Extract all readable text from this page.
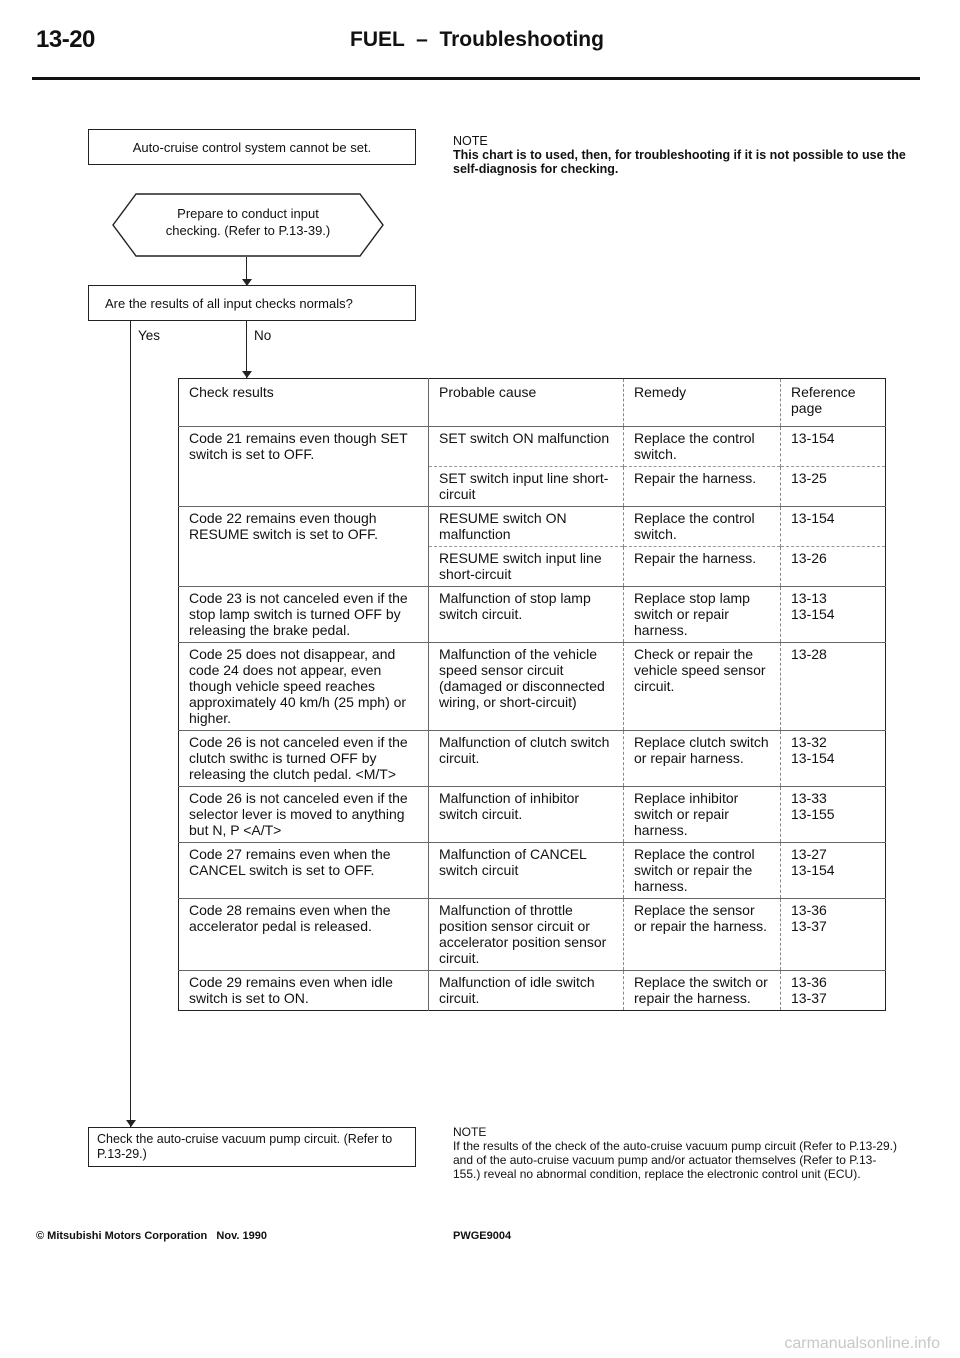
13-20	FUEL  –  Troubleshooting
Auto-cruise control system cannot be set.	NOTE
This chart is to used, then, for troubleshooting if it is not possible to use the self-diagnosis for checking.
Prepare to conduct input
checking. (Refer to P.13-39.)
Are the results of all input checks normals?
Yes	No
Check results	Probable cause	Remedy	Reference page
Code 21 remains even though SET switch is set to OFF.	SET switch ON malfunction	Replace the control switch.	13-154
	SET switch input line short-circuit	Repair the harness.	13-25
Code 22 remains even though RESUME switch is set to OFF.	RESUME switch ON malfunction	Replace the control switch.	13-154
	RESUME switch input line short-circuit	Repair the harness.	13-26
Code 23 is not canceled even if the stop lamp switch is turned OFF by releasing the brake pedal.	Malfunction of stop lamp switch circuit.	Replace stop lamp switch or repair harness.	13-13
13-154
Code 25 does not disappear, and code 24 does not appear, even though vehicle speed reaches approximately 40 km/h (25 mph) or higher.	Malfunction of the vehicle speed sensor circuit (damaged or disconnected wiring, or short-circuit)	Check or repair the vehicle speed sensor circuit.	13-28
Code 26 is not canceled even if the clutch swithc is turned OFF by releasing the clutch pedal. <M/T>	Malfunction of clutch switch circuit.	Replace clutch switch or repair harness.	13-32
13-154
Code 26 is not canceled even if the selector lever is moved to anything but N, P <A/T>	Malfunction of inhibitor switch circuit.	Replace inhibitor switch or repair harness.	13-33
13-155
Code 27 remains even when the CANCEL switch is set to OFF.	Malfunction of CANCEL switch circuit	Replace the control switch or repair the harness.	13-27
13-154
Code 28 remains even when the accelerator pedal is released.	Malfunction of throttle position sensor circuit or accelerator position sensor circuit.	Replace the sensor or repair the harness.	13-36
13-37
Code 29 remains even when idle switch is set to ON.	Malfunction of idle switch circuit.	Replace the switch or repair the harness.	13-36
13-37
Check the auto-cruise vacuum pump circuit. (Refer to P.13-29.)
NOTE
If the results of the check of the auto-cruise vacuum pump circuit (Refer to P.13-29.) and of the auto-cruise vacuum pump and/or actuator themselves (Refer to P.13-155.) reveal no abnormal condition, replace the electronic control unit (ECU).
© Mitsubishi Motors Corporation   Nov. 1990	PWGE9004
carmanualsonline.info
